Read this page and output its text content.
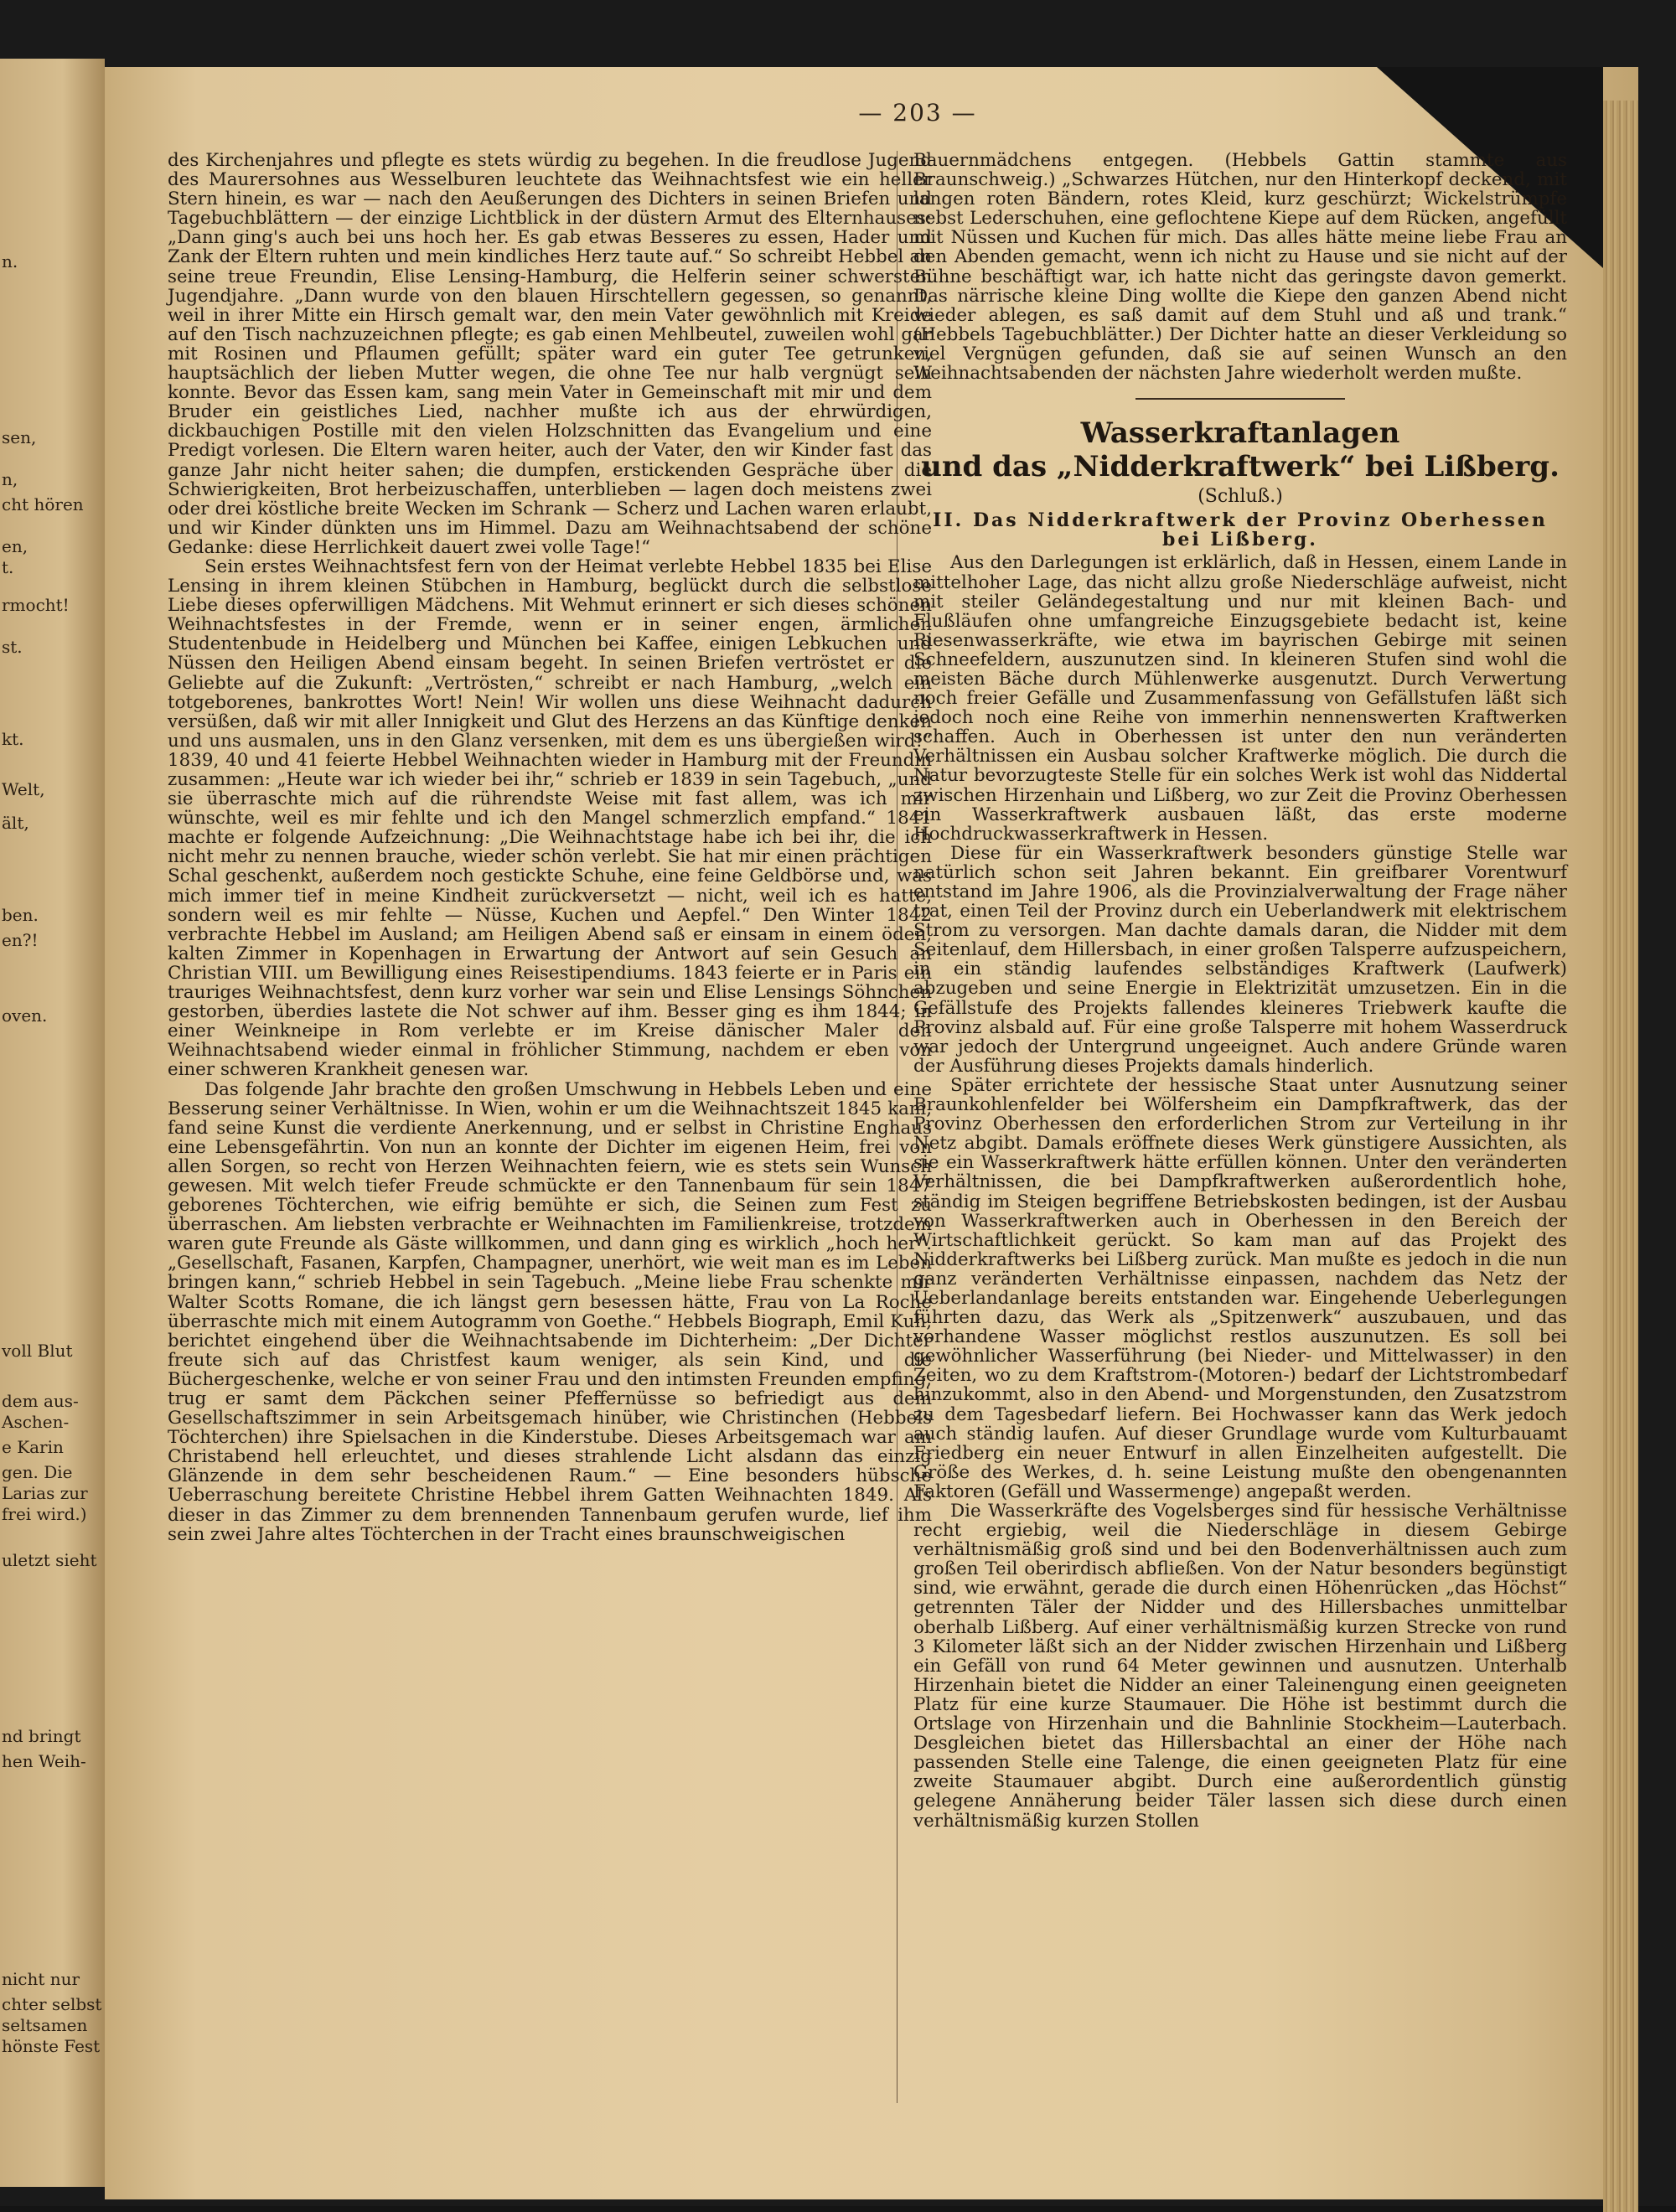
n.
sen,
n,
cht hören
en,
t.
rmocht!
st.
kt.
Welt,
ält,
ben.
en?!
oven.
voll Blut
dem aus-
Aschen-
e Karin
gen. Die
Larias zur
frei wird.)
uletzt sieht
nd bringt
hen Weih-
nicht nur
chter selbst
seltsamen
hönste Fest
— 203 —

des Kirchenjahres und pflegte es stets würdig zu begehen. In die freudlose Jugend des Maurersohnes aus Wesselburen leuchtete das Weihnachtsfest wie ein heller Stern hinein, es war — nach den Aeußerungen des Dichters in seinen Briefen und Tagebuchblättern — der einzige Lichtblick in der düstern Armut des Elternhauses: „Dann ging's auch bei uns hoch her. Es gab etwas Besseres zu essen, Hader und Zank der Eltern ruhten und mein kindliches Herz taute auf.“ So schreibt Hebbel an seine treue Freundin, Elise Lensing-Hamburg, die Helferin seiner schwersten Jugendjahre. „Dann wurde von den blauen Hirschtellern gegessen, so genannt, weil in ihrer Mitte ein Hirsch gemalt war, den mein Vater gewöhnlich mit Kreide auf den Tisch nachzuzeichnen pflegte; es gab einen Mehlbeutel, zuweilen wohl gar mit Rosinen und Pflaumen gefüllt; später ward ein guter Tee getrunken, hauptsächlich der lieben Mutter wegen, die ohne Tee nur halb vergnügt sein konnte. Bevor das Essen kam, sang mein Vater in Gemeinschaft mit mir und dem Bruder ein geistliches Lied, nachher mußte ich aus der ehrwürdigen, dickbauchigen Postille mit den vielen Holzschnitten das Evangelium und eine Predigt vorlesen. Die Eltern waren heiter, auch der Vater, den wir Kinder fast das ganze Jahr nicht heiter sahen; die dumpfen, erstickenden Gespräche über die Schwierigkeiten, Brot herbeizuschaffen, unterblieben — lagen doch meistens zwei oder drei köstliche breite Wecken im Schrank — Scherz und Lachen waren erlaubt, und wir Kinder dünkten uns im Himmel. Dazu am Weihnachtsabend der schöne Gedanke: diese Herrlichkeit dauert zwei volle Tage!“

Sein erstes Weihnachtsfest fern von der Heimat verlebte Hebbel 1835 bei Elise Lensing in ihrem kleinen Stübchen in Hamburg, beglückt durch die selbstlose Liebe dieses opferwilligen Mädchens. Mit Wehmut erinnert er sich dieses schönen Weihnachtsfestes in der Fremde, wenn er in seiner engen, ärmlichen Studentenbude in Heidelberg und München bei Kaffee, einigen Lebkuchen und Nüssen den Heiligen Abend einsam begeht. In seinen Briefen vertröstet er die Geliebte auf die Zukunft: „Vertrösten,“ schreibt er nach Hamburg, „welch ein totgeborenes, bankrottes Wort! Nein! Wir wollen uns diese Weihnacht dadurch versüßen, daß wir mit aller Innigkeit und Glut des Herzens an das Künftige denken und uns ausmalen, uns in den Glanz versenken, mit dem es uns übergießen wird!“ 1839, 40 und 41 feierte Hebbel Weihnachten wieder in Hamburg mit der Freundin zusammen: „Heute war ich wieder bei ihr,“ schrieb er 1839 in sein Tagebuch, „und sie überraschte mich auf die rührendste Weise mit fast allem, was ich mir wünschte, weil es mir fehlte und ich den Mangel schmerzlich empfand.“ 1841 machte er folgende Aufzeichnung: „Die Weihnachtstage habe ich bei ihr, die ich nicht mehr zu nennen brauche, wieder schön verlebt. Sie hat mir einen prächtigen Schal geschenkt, außerdem noch gestickte Schuhe, eine feine Geldbörse und, was mich immer tief in meine Kindheit zurückversetzt — nicht, weil ich es hatte, sondern weil es mir fehlte — Nüsse, Kuchen und Aepfel.“ Den Winter 1842 verbrachte Hebbel im Ausland; am Heiligen Abend saß er einsam in einem öden, kalten Zimmer in Kopenhagen in Erwartung der Antwort auf sein Gesuch an Christian VIII. um Bewilligung eines Reisestipendiums. 1843 feierte er in Paris ein trauriges Weihnachtsfest, denn kurz vorher war sein und Elise Lensings Söhnchen gestorben, überdies lastete die Not schwer auf ihm. Besser ging es ihm 1844; in einer Weinkneipe in Rom verlebte er im Kreise dänischer Maler den Weihnachtsabend wieder einmal in fröhlicher Stimmung, nachdem er eben von einer schweren Krankheit genesen war.

Das folgende Jahr brachte den großen Umschwung in Hebbels Leben und eine Besserung seiner Verhältnisse. In Wien, wohin er um die Weihnachtszeit 1845 kam, fand seine Kunst die verdiente Anerkennung, und er selbst in Christine Enghaus eine Lebensgefährtin. Von nun an konnte der Dichter im eigenen Heim, frei von allen Sorgen, so recht von Herzen Weihnachten feiern, wie es stets sein Wunsch gewesen. Mit welch tiefer Freude schmückte er den Tannenbaum für sein 1847 geborenes Töchterchen, wie eifrig bemühte er sich, die Seinen zum Fest zu überraschen. Am liebsten verbrachte er Weihnachten im Familienkreise, trotzdem waren gute Freunde als Gäste willkommen, und dann ging es wirklich „hoch her“. „Gesellschaft, Fasanen, Karpfen, Champagner, unerhört, wie weit man es im Leben bringen kann,“ schrieb Hebbel in sein Tagebuch. „Meine liebe Frau schenkte mir Walter Scotts Romane, die ich längst gern besessen hätte, Frau von La Roche überraschte mich mit einem Autogramm von Goethe.“ Hebbels Biograph, Emil Kuh, berichtet eingehend über die Weihnachtsabende im Dichterheim: „Der Dichter freute sich auf das Christfest kaum weniger, als sein Kind, und die Büchergeschenke, welche er von seiner Frau und den intimsten Freunden empfing, trug er samt dem Päckchen seiner Pfeffernüsse so befriedigt aus dem Gesellschaftszimmer in sein Arbeitsgemach hinüber, wie Christinchen (Hebbels Töchterchen) ihre Spielsachen in die Kinderstube. Dieses Arbeitsgemach war am Christabend hell erleuchtet, und dieses strahlende Licht alsdann das einzig Glänzende in dem sehr bescheidenen Raum.“ — Eine besonders hübsche Ueberraschung bereitete Christine Hebbel ihrem Gatten Weihnachten 1849. Als dieser in das Zimmer zu dem brennenden Tannenbaum gerufen wurde, lief ihm sein zwei Jahre altes Töchterchen in der Tracht eines braunschweigischen

Bauernmädchens entgegen. (Hebbels Gattin stammte aus Braunschweig.) „Schwarzes Hütchen, nur den Hinterkopf deckend, mit langen roten Bändern, rotes Kleid, kurz geschürzt; Wickelstrümpfe nebst Lederschuhen, eine geflochtene Kiepe auf dem Rücken, angefüllt mit Nüssen und Kuchen für mich. Das alles hätte meine liebe Frau an den Abenden gemacht, wenn ich nicht zu Hause und sie nicht auf der Bühne beschäftigt war, ich hatte nicht das geringste davon gemerkt. Das närrische kleine Ding wollte die Kiepe den ganzen Abend nicht wieder ablegen, es saß damit auf dem Stuhl und aß und trank.“ (Hebbels Tagebuchblätter.) Der Dichter hatte an dieser Verkleidung so viel Vergnügen gefunden, daß sie auf seinen Wunsch an den Weihnachtsabenden der nächsten Jahre wiederholt werden mußte.

Wasserkraftanlagen
und das „Nidderkraftwerk“ bei Lißberg.
(Schluß.)
II. Das Nidderkraftwerk der Provinz Oberhessen bei Lißberg.

Aus den Darlegungen ist erklärlich, daß in Hessen, einem Lande in mittelhoher Lage, das nicht allzu große Niederschläge aufweist, nicht mit steiler Geländegestaltung und nur mit kleinen Bach- und Flußläufen ohne umfangreiche Einzugsgebiete bedacht ist, keine Riesenwasserkräfte, wie etwa im bayrischen Gebirge mit seinen Schneefeldern, auszunutzen sind. In kleineren Stufen sind wohl die meisten Bäche durch Mühlenwerke ausgenutzt. Durch Verwertung noch freier Gefälle und Zusammenfassung von Gefällstufen läßt sich jedoch noch eine Reihe von immerhin nennenswerten Kraftwerken schaffen. Auch in Oberhessen ist unter den nun veränderten Verhältnissen ein Ausbau solcher Kraftwerke möglich. Die durch die Natur bevorzugteste Stelle für ein solches Werk ist wohl das Niddertal zwischen Hirzenhain und Lißberg, wo zur Zeit die Provinz Oberhessen ein Wasserkraftwerk ausbauen läßt, das erste moderne Hochdruckwasserkraftwerk in Hessen.

Diese für ein Wasserkraftwerk besonders günstige Stelle war natürlich schon seit Jahren bekannt. Ein greifbarer Vorentwurf entstand im Jahre 1906, als die Provinzialverwaltung der Frage näher trat, einen Teil der Provinz durch ein Ueberlandwerk mit elektrischem Strom zu versorgen. Man dachte damals daran, die Nidder mit dem Seitenlauf, dem Hillersbach, in einer großen Talsperre aufzuspeichern, in ein ständig laufendes selbständiges Kraftwerk (Laufwerk) abzugeben und seine Energie in Elektrizität umzusetzen. Ein in die Gefällstufe des Projekts fallendes kleineres Triebwerk kaufte die Provinz alsbald auf. Für eine große Talsperre mit hohem Wasserdruck war jedoch der Untergrund ungeeignet. Auch andere Gründe waren der Ausführung dieses Projekts damals hinderlich.

Später errichtete der hessische Staat unter Ausnutzung seiner Braunkohlenfelder bei Wölfersheim ein Dampfkraftwerk, das der Provinz Oberhessen den erforderlichen Strom zur Verteilung in ihr Netz abgibt. Damals eröffnete dieses Werk günstigere Aussichten, als sie ein Wasserkraftwerk hätte erfüllen können. Unter den veränderten Verhältnissen, die bei Dampfkraftwerken außerordentlich hohe, ständig im Steigen begriffene Betriebskosten bedingen, ist der Ausbau von Wasserkraftwerken auch in Oberhessen in den Bereich der Wirtschaftlichkeit gerückt. So kam man auf das Projekt des Nidderkraftwerks bei Lißberg zurück. Man mußte es jedoch in die nun ganz veränderten Verhältnisse einpassen, nachdem das Netz der Ueberlandanlage bereits entstanden war. Eingehende Ueberlegungen führten dazu, das Werk als „Spitzenwerk“ auszubauen, und das vorhandene Wasser möglichst restlos auszunutzen. Es soll bei gewöhnlicher Wasserführung (bei Nieder- und Mittelwasser) in den Zeiten, wo zu dem Kraftstrom-(Motoren-) bedarf der Lichtstrombedarf hinzukommt, also in den Abend- und Morgenstunden, den Zusatzstrom zu dem Tagesbedarf liefern. Bei Hochwasser kann das Werk jedoch auch ständig laufen. Auf dieser Grundlage wurde vom Kulturbauamt Friedberg ein neuer Entwurf in allen Einzelheiten aufgestellt. Die Größe des Werkes, d. h. seine Leistung mußte den obengenannten Faktoren (Gefäll und Wassermenge) angepaßt werden.

Die Wasserkräfte des Vogelsberges sind für hessische Verhältnisse recht ergiebig, weil die Niederschläge in diesem Gebirge verhältnismäßig groß sind und bei den Bodenverhältnissen auch zum großen Teil oberirdisch abfließen. Von der Natur besonders begünstigt sind, wie erwähnt, gerade die durch einen Höhenrücken „das Höchst“ getrennten Täler der Nidder und des Hillersbaches unmittelbar oberhalb Lißberg. Auf einer verhältnismäßig kurzen Strecke von rund 3 Kilometer läßt sich an der Nidder zwischen Hirzenhain und Lißberg ein Gefäll von rund 64 Meter gewinnen und ausnutzen. Unterhalb Hirzenhain bietet die Nidder an einer Taleinengung einen geeigneten Platz für eine kurze Staumauer. Die Höhe ist bestimmt durch die Ortslage von Hirzenhain und die Bahnlinie Stockheim—Lauterbach. Desgleichen bietet das Hillersbachtal an einer der Höhe nach passenden Stelle eine Talenge, die einen geeigneten Platz für eine zweite Staumauer abgibt. Durch eine außerordentlich günstig gelegene Annäherung beider Täler lassen sich diese durch einen verhältnismäßig kurzen Stollen
